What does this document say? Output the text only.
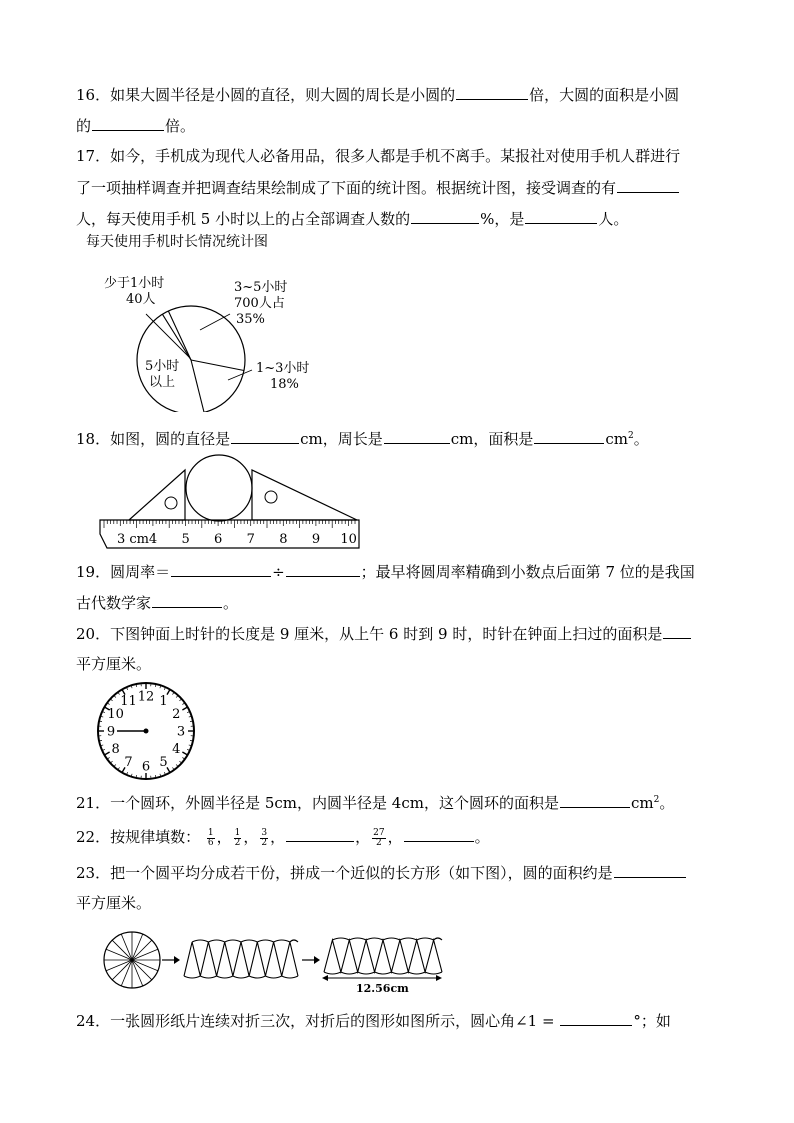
16．如果大圆半径是小圆的直径，则大圆的周长是小圆的	倍，大圆的面积是小圆
的	倍。
17．如今，手机成为现代人必备用品，很多人都是手机不离手。某报社对使用手机人群进行
了一项抽样调查并把调查结果绘制成了下面的统计图。根据统计图，接受调查的有
人，每天使用手机 5 小时以上的占全部调查人数的	%，是	人。
每天使用手机时长情况统计图
少于1小时
40人
3~5小时
700人占
35%
1~3小时
18%
5小时
以上
18．如图，圆的直径是	cm，周长是	cm，面积是	$cm^2$。
3 cm 4 5 6 7 8 9 10
19．圆周率＝	÷	；最早将圆周率精确到小数点后面第 7 位的是我国
古代数学家	。
20．下图钟面上时针的长度是 9 厘米，从上午 6 时到 9 时，时针在钟面上扫过的面积是
平方厘米。
12 1
2
3
4
5
6
7
8
9
10
11
21．一个圆环，外圆半径是 5cm，内圆半径是 4cm，这个圆环的面积是	$cm^2$。
22．按规律填数： $\frac{1}{6}$ ， $\frac{1}{2}$ ， $\frac{3}{2}$ ，	， $\frac{27}{2}$ ，	。
23．把一个圆平均分成若干份，拼成一个近似的长方形（如下图），圆的面积约是
平方厘米。
12.56cm
24．一张圆形纸片连续对折三次，对折后的图形如图所示，圆心角∠1 =	°；如
